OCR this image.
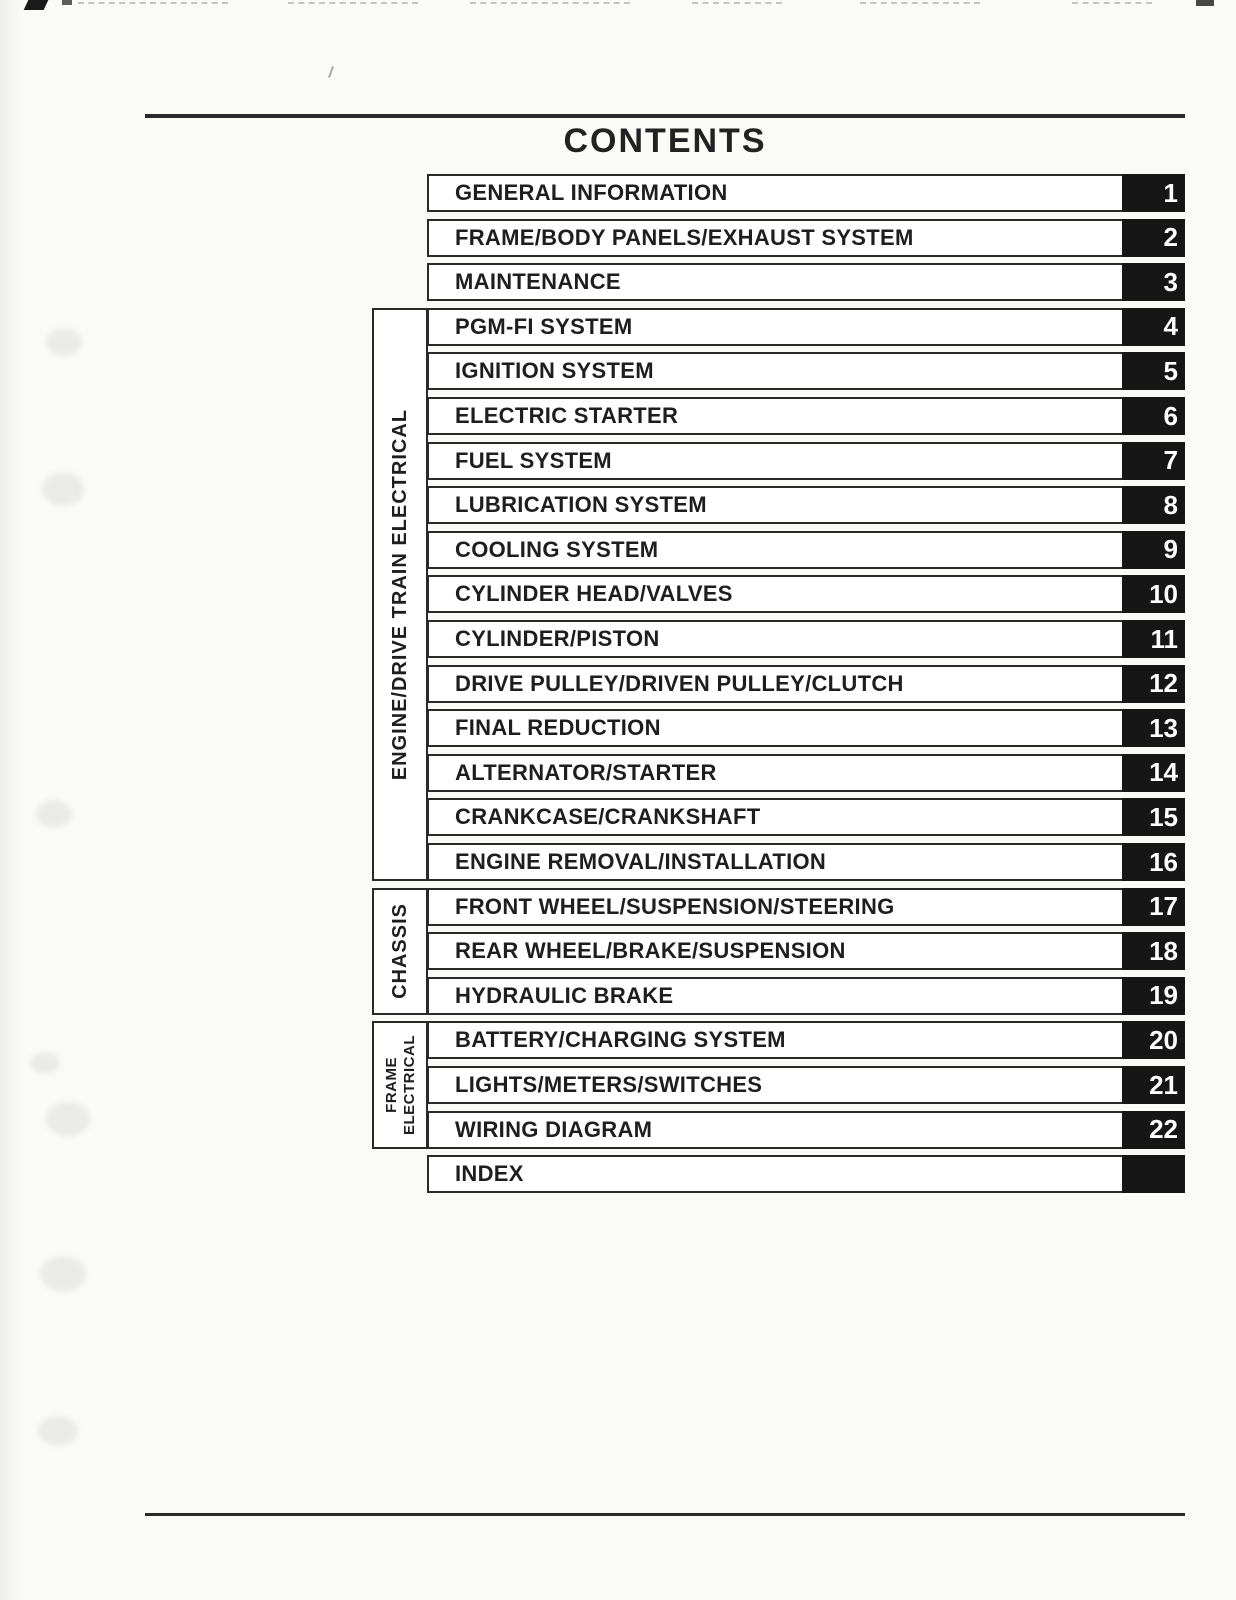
CONTENTS
GENERAL INFORMATION	1
FRAME/BODY PANELS/EXHAUST SYSTEM	2
MAINTENANCE	3
PGM-FI SYSTEM	4
IGNITION SYSTEM	5
ELECTRIC STARTER	6
FUEL SYSTEM	7
LUBRICATION SYSTEM	8
COOLING SYSTEM	9
CYLINDER HEAD/VALVES	10
CYLINDER/PISTON	11
DRIVE PULLEY/DRIVEN PULLEY/CLUTCH	12
FINAL REDUCTION	13
ALTERNATOR/STARTER	14
CRANKCASE/CRANKSHAFT	15
ENGINE REMOVAL/INSTALLATION	16
FRONT WHEEL/SUSPENSION/STEERING	17
REAR WHEEL/BRAKE/SUSPENSION	18
HYDRAULIC BRAKE	19
BATTERY/CHARGING SYSTEM	20
LIGHTS/METERS/SWITCHES	21
WIRING DIAGRAM	22
INDEX
ENGINE/DRIVE TRAIN ELECTRICAL
CHASSIS
FRAME ELECTRICAL
